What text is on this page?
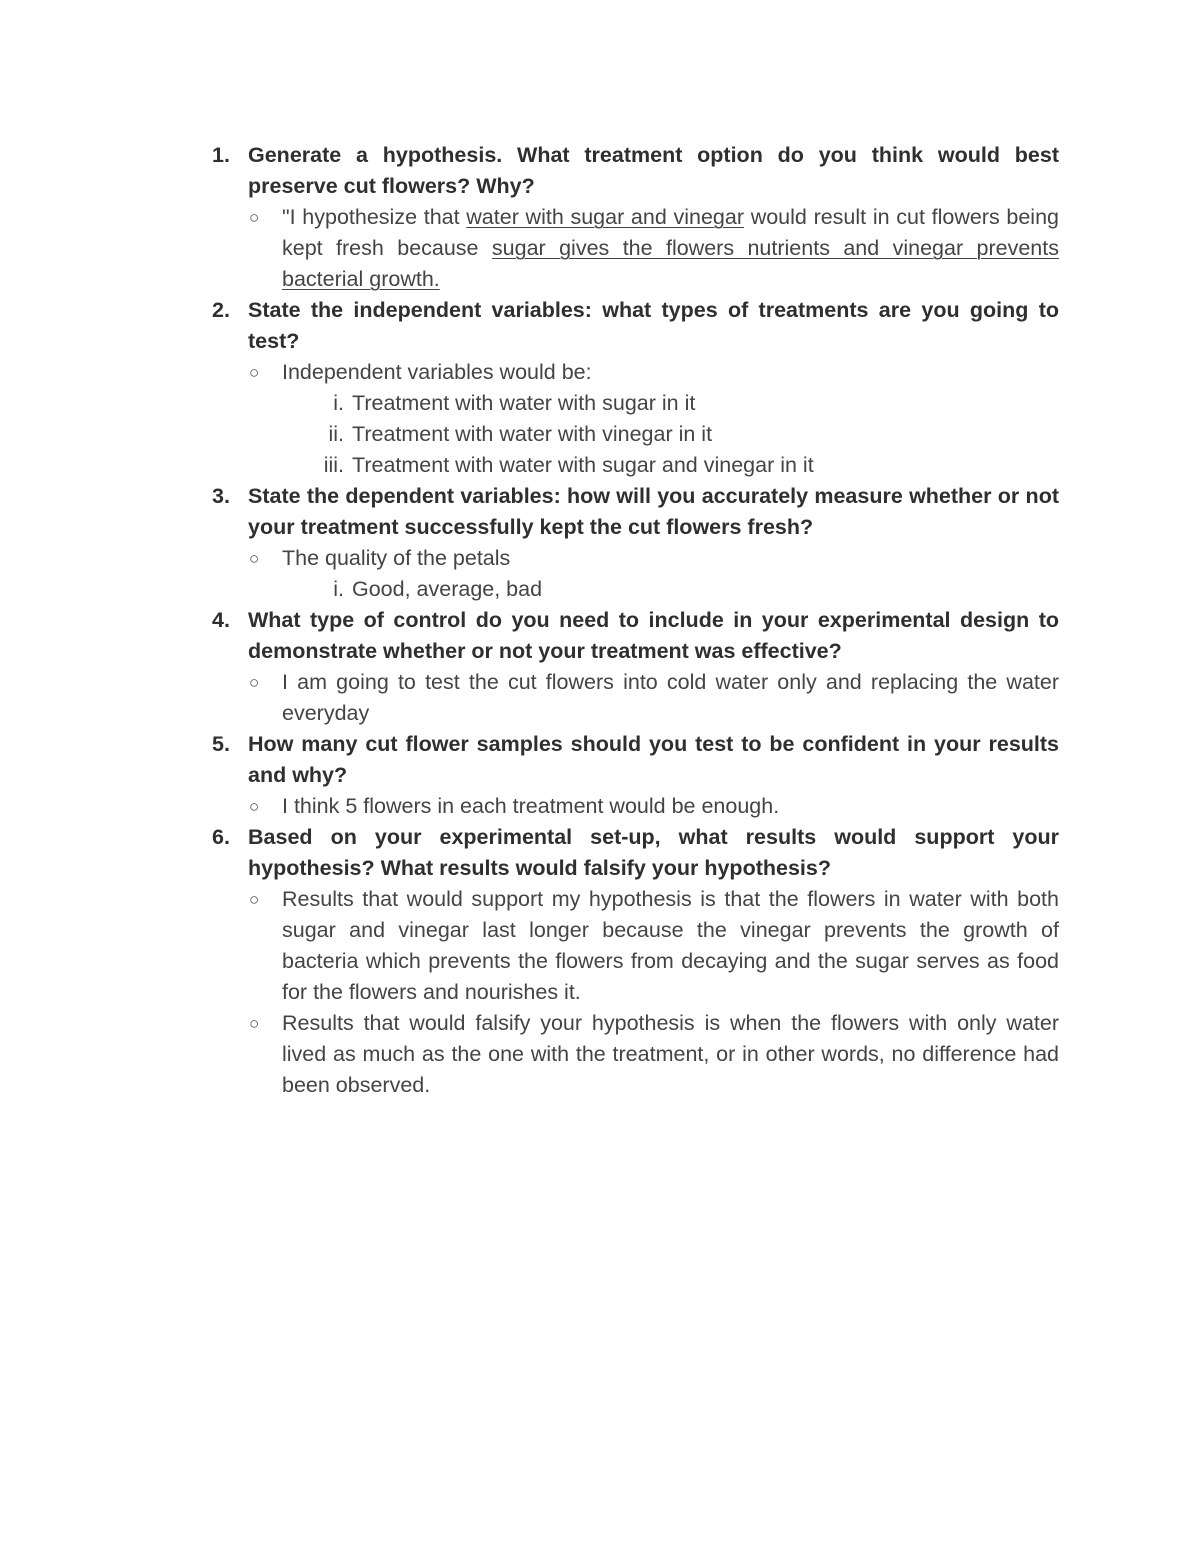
1. Generate a hypothesis. What treatment option do you think would best preserve cut flowers? Why?
○ "I hypothesize that water with sugar and vinegar would result in cut flowers being kept fresh because sugar gives the flowers nutrients and vinegar prevents bacterial growth.
2. State the independent variables: what types of treatments are you going to test?
○ Independent variables would be:
i. Treatment with water with sugar in it
ii. Treatment with water with vinegar in it
iii. Treatment with water with sugar and vinegar in it
3. State the dependent variables: how will you accurately measure whether or not your treatment successfully kept the cut flowers fresh?
○ The quality of the petals
i. Good, average, bad
4. What type of control do you need to include in your experimental design to demonstrate whether or not your treatment was effective?
○ I am going to test the cut flowers into cold water only and replacing the water everyday
5. How many cut flower samples should you test to be confident in your results and why?
○ I think 5 flowers in each treatment would be enough.
6. Based on your experimental set-up, what results would support your hypothesis? What results would falsify your hypothesis?
○ Results that would support my hypothesis is that the flowers in water with both sugar and vinegar last longer because the vinegar prevents the growth of bacteria which prevents the flowers from decaying and the sugar serves as food for the flowers and nourishes it.
○ Results that would falsify your hypothesis is when the flowers with only water lived as much as the one with the treatment, or in other words, no difference had been observed.
